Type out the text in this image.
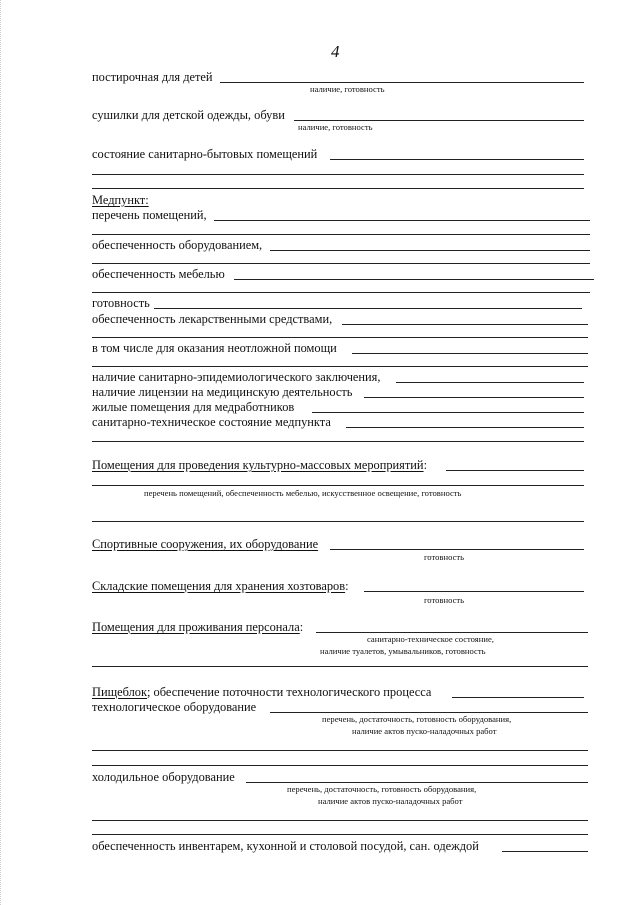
4
постирочная для детей
наличие, готовность
сушилки для детской одежды, обуви
наличие, готовность
состояние санитарно-бытовых помещений
Медпункт:
перечень помещений,
обеспеченность оборудованием,
обеспеченность мебелью
готовность
обеспеченность лекарственными средствами,
в том числе для оказания неотложной помощи
наличие санитарно-эпидемиологического заключения,
наличие лицензии на медицинскую деятельность
жилые помещения для медработников
санитарно-техническое состояние медпункта
Помещения для проведения культурно-массовых мероприятий:
перечень помещений, обеспеченность мебелью, искусственное освещение, готовность
Спортивные сооружения, их оборудование
готовность
Складские помещения для хранения хозтоваров:
готовность
Помещения для проживания персонала:
санитарно-техническое состояние,
наличие туалетов, умывальников, готовность
Пищеблок; обеспечение поточности технологического процесса
технологическое оборудование
перечень, достаточность, готовность оборудования,
наличие актов пуско-наладочных работ
холодильное оборудование
перечень, достаточность, готовность оборудования,
наличие актов пуско-наладочных работ
обеспеченность инвентарем, кухонной и столовой посудой, сан. одеждой
